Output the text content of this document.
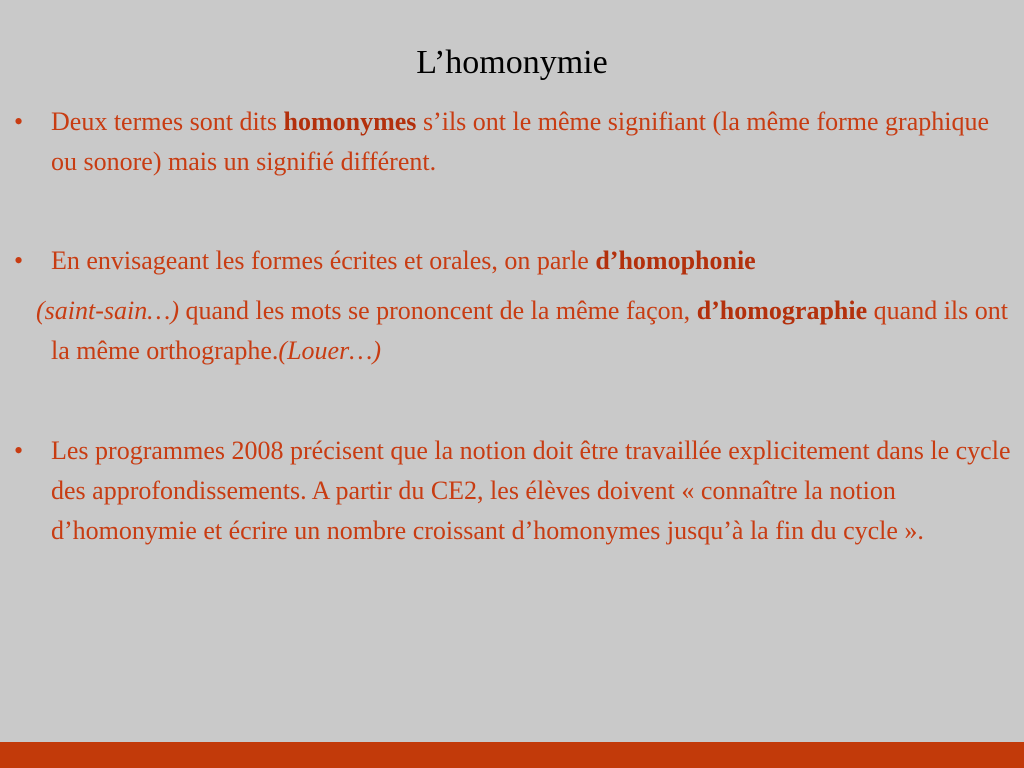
L’homonymie

• Deux termes sont dits homonymes s’ils ont le même signifiant (la même forme graphique ou sonore) mais un signifié différent.

• En envisageant les formes écrites et orales, on parle d’homophonie

(saint-sain…) quand les mots se prononcent de la même façon, d’homographie quand ils ont la même orthographe.(Louer…)

• Les programmes 2008 précisent que la notion doit être travaillée explicitement dans le cycle des approfondissements. A partir du CE2, les élèves doivent « connaître la notion d’homonymie et écrire un nombre croissant d’homonymes jusqu’à la fin du cycle ».
